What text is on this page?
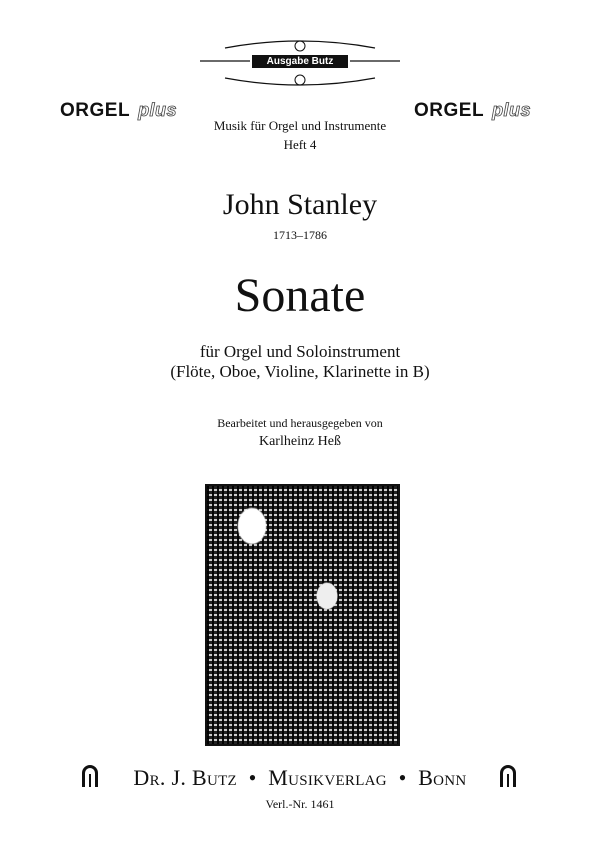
Ausgabe Butz
ORGEL plus	ORGEL plus
Musik für Orgel und Instrumente
Heft 4
John Stanley
1713–1786
Sonate
für Orgel und Soloinstrument
(Flöte, Oboe, Violine, Klarinette in B)
Bearbeitet und herausgegeben von
Karlheinz Heß
Dr. J. Butz • Musikverlag • Bonn
Verl.-Nr. 1461
